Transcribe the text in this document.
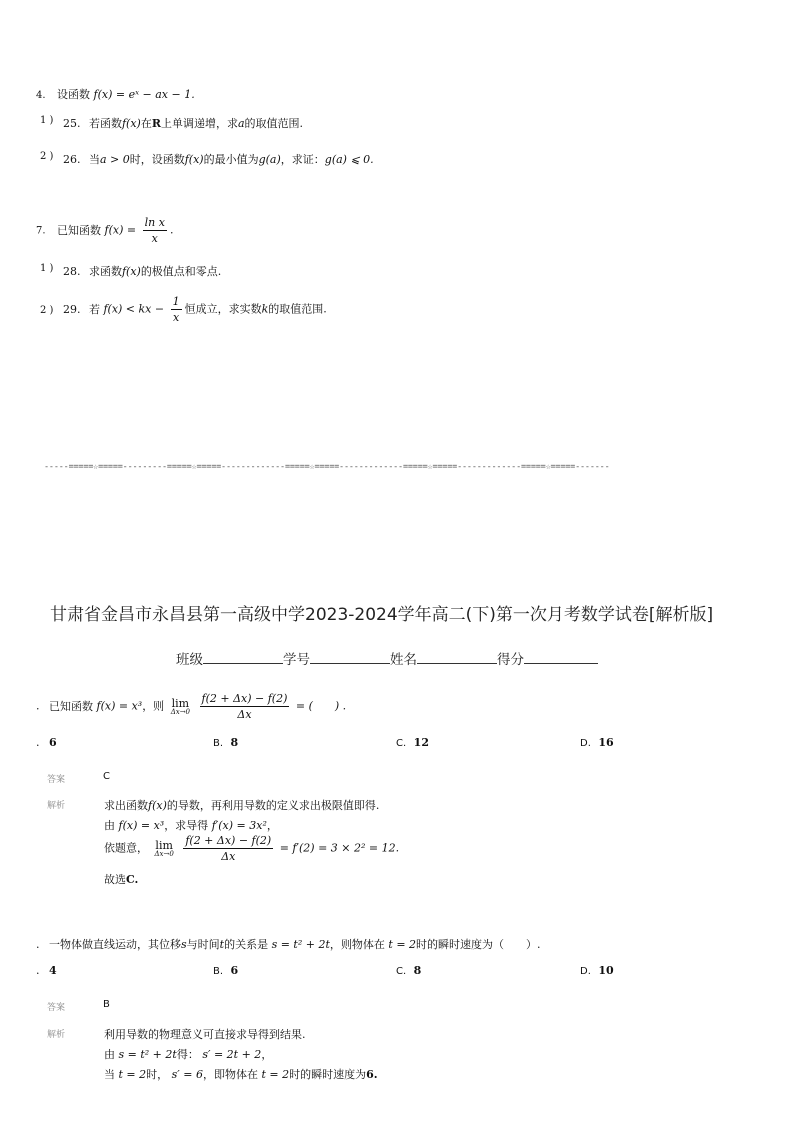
4. 设函数 f(x) = eˣ − ax − 1.
1 ) 25. 若函数f(x)在R上单调递增，求a的取值范围.
2 ) 26. 当a > 0时，设函数f(x)的最小值为g(a)，求证：g(a) ⩽ 0.
7. 已知函数 $f(x) = \frac{\text{ln x}}{x}$ .
1 ) 28. 求函数f(x)的极值点和零点.
2 ) 29. 若 f(x) < kx − $\frac{1}{x}$ 恒成立，求实数k的取值范围.
-----=====☆=====---------=====☆=====-------------=====☆=====-------------=====☆=====-------------=====☆=====-------
甘肃省金昌市永昌县第一高级中学2023-2024学年高二(下)第一次月考数学试卷[解析版]
班级	学号	姓名	得分
. 已知函数 f(x) = x³，则 lim
Δx→0
$\frac{f(2 + \Delta x) - f(2)}{\Delta x}$ = (　　) .
. 6	B. 8	C. 12	D. 16
答案	C
解析	求出函数f(x)的导数，再利用导数的定义求出极限值即得.
由 f(x) = x³，求导得 f′(x) = 3x²，
依题意， lim
Δx→0
$\frac{f(2 + \Delta x) - f(2)}{\Delta x} = f'(2) = 3 \times 2^2 = 12$.
故选C.
. 一物体做直线运动，其位移s与时间t的关系是 s = t² + 2t，则物体在 t = 2时的瞬时速度为（　　）.
. 4	B. 6	C. 8	D. 10
答案	B
解析	利用导数的物理意义可直接求导得到结果.
由 s = t² + 2t得： s′ = 2t + 2，
当 t = 2时， s′ = 6，即物体在 t = 2时的瞬时速度为6.
